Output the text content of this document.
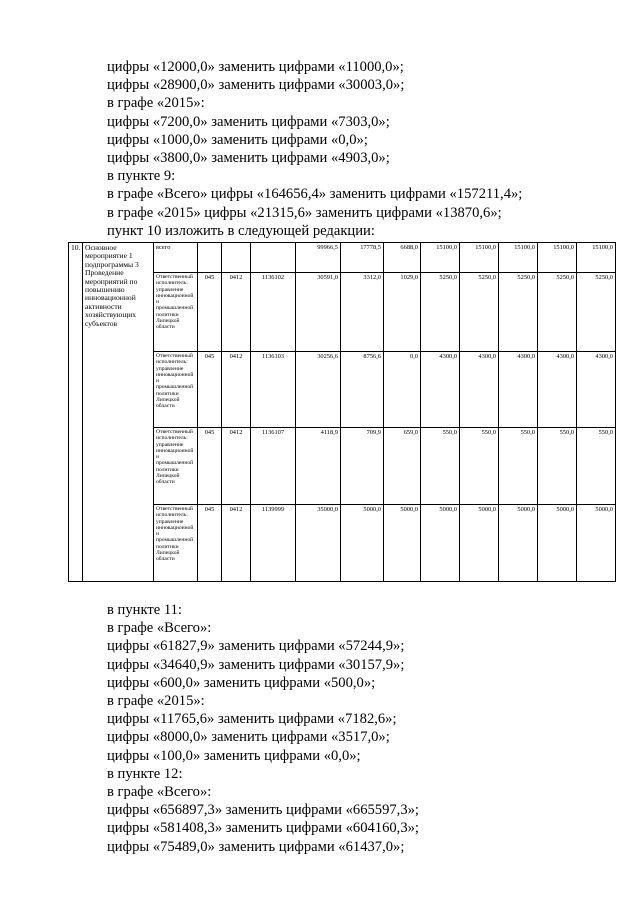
цифры «12000,0» заменить цифрами «11000,0»;
цифры «28900,0» заменить цифрами «30003,0»;
в графе «2015»:
цифры «7200,0» заменить цифрами «7303,0»;
цифры «1000,0» заменить цифрами «0,0»;
цифры «3800,0» заменить цифрами «4903,0»;
в пункте 9:
в графе «Всего» цифры «164656,4» заменить цифрами «157211,4»;
в графе «2015» цифры «21315,6» заменить цифрами «13870,6»;
пункт 10 изложить в следующей редакции:
10.	Основное мероприятие 1 подпрограммы 3 Проведение мероприятий по повышению инновационной активности хозяйствующих субъектов	всего				99966,5	17778,5	6688,0	15100,0	15100,0	15100,0	15100,0	15100,0
		Ответственный исполнитель: управление инновационной и промышленной политики Липецкой области	045	0412	1136102	30591,0	3312,0	1029,0	5250,0	5250,0	5250,0	5250,0	5250,0
		Ответственный исполнитель: управление инновационной и промышленной политики Липецкой области	045	0412	1136103	30256,6	8756,6	0,0	4300,0	4300,0	4300,0	4300,0	4300,0
		Ответственный исполнитель: управление инновационной и промышленной политики Липецкой области	045	0412	1136107	4118,9	709,9	659,0	550,0	550,0	550,0	550,0	550,0
		Ответственный исполнитель: управление инновационной и промышленной политики Липецкой области	045	0412	1139999	35000,0	5000,0	5000,0	5000,0	5000,0	5000,0	5000,0	5000,0
в пункте 11:
в графе «Всего»:
цифры «61827,9» заменить цифрами «57244,9»;
цифры «34640,9» заменить цифрами «30157,9»;
цифры «600,0» заменить цифрами «500,0»;
в графе «2015»:
цифры «11765,6» заменить цифрами «7182,6»;
цифры «8000,0» заменить цифрами «3517,0»;
цифры «100,0» заменить цифрами «0,0»;
в пункте 12:
в графе «Всего»:
цифры «656897,3» заменить цифрами «665597,3»;
цифры «581408,3» заменить цифрами «604160,3»;
цифры «75489,0» заменить цифрами «61437,0»;
